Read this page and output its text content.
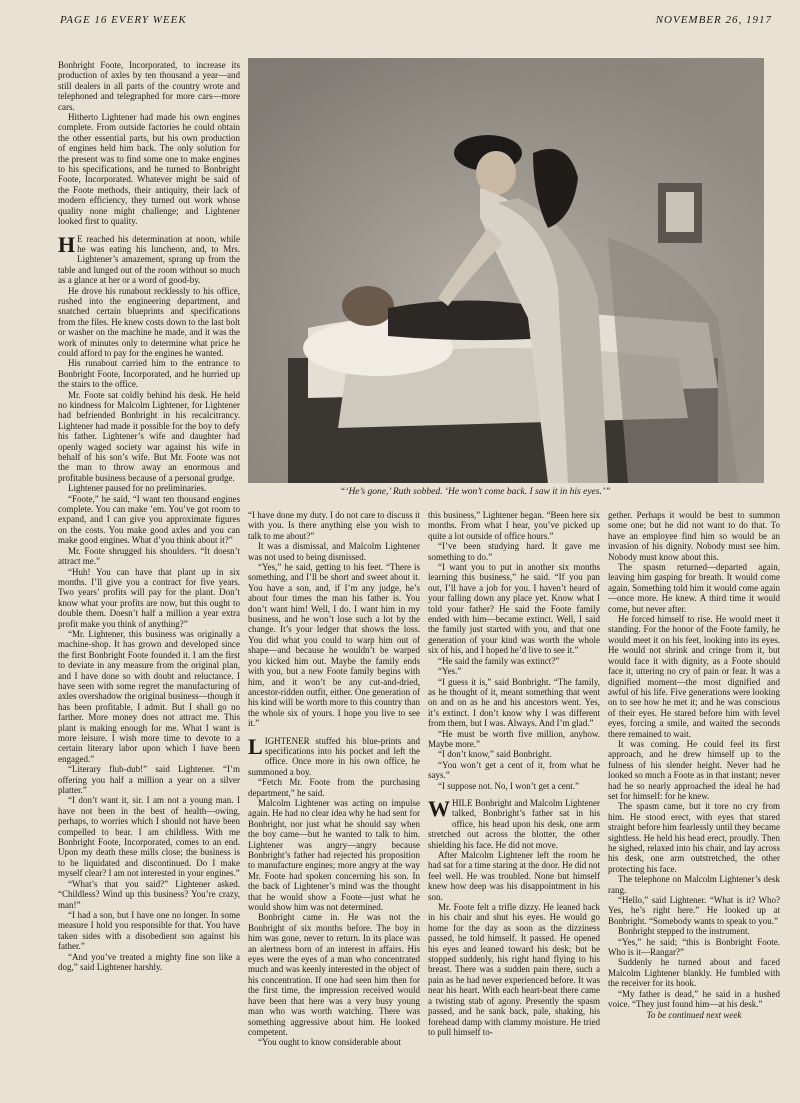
PAGE 16 EVERY WEEK	NOVEMBER 26, 1917

Bonbright Foote, Incorporated, to increase its production of axles by ten thousand a year—and still dealers in all parts of the country wrote and telephoned and telegraphed for more cars—more cars.

Hitherto Lightener had made his own engines complete. From outside factories he could obtain the other essential parts, but his own production of engines held him back. The only solution for the present was to find some one to make engines to his specifications, and he turned to Bonbright Foote, Incorporated. Whatever might be said of the Foote methods, their antiquity, their lack of modern efficiency, they turned out work whose quality none might challenge; and Lightener looked first to quality.

H E reached his determination at noon, while he was eating his luncheon, and, to Mrs. Lightener’s amazement, sprang up from the table and lunged out of the room without so much as a glance at her or a word of good-by.

He drove his runabout recklessly to his office, rushed into the engineering department, and snatched certain blueprints and specifications from the files. He knew costs down to the last bolt or washer on the machine he made, and it was the work of minutes only to determine what price he could afford to pay for the engines he wanted.

His runabout carried him to the entrance to Bonbright Foote, Incorporated, and he hurried up the stairs to the office.

Mr. Foote sat coldly behind his desk. He held no kindness for Malcolm Lightener, for Lightener had befriended Bonbright in his recalcitrancy. Lightener had made it possible for the boy to defy his father. Lightener’s wife and daughter had openly waged society war against his wife in behalf of his son’s wife. But Mr. Foote was not the man to throw away an enormous and profitable business because of a personal grudge.

Lightener paused for no preliminaries.

“Foote,” he said, “I want ten thousand engines complete. You can make ’em. You’ve got room to expand, and I can give you approximate figures on the costs. You make good axles and you can make good engines. What d’you think about it?”

Mr. Foote shrugged his shoulders. “It doesn’t attract me.”

“Huh! You can have that plant up in six months. I’ll give you a contract for five years. Two years’ profits will pay for the plant. Don’t know what your profits are now, but this ought to double them. Doesn’t half a million a year extra profit make you think of anything?”

“Mr. Lightener, this business was originally a machine-shop. It has grown and developed since the first Bonbright Foote founded it. I am the first to deviate in any measure from the original plan, and I have done so with doubt and reluctance. I have seen with some regret the manufacturing of axles overshadow the original business—though it has been profitable, I admit. But I shall go no farther. More money does not attract me. This plant is making enough for me. What I want is more leisure. I wish more time to devote to a certain literary labor upon which I have been engaged.”

“Literary flub-dub!” said Lightener. “I’m offering you half a million a year on a silver platter.”

“I don’t want it, sir. I am not a young man. I have not been in the best of health—owing, perhaps, to worries which I should not have been compelled to bear. I am childless. With me Bonbright Foote, Incorporated, comes to an end. Upon my death these mills close; the business is to be liquidated and discontinued. Do I make myself clear? I am not interested in your engines.”

“What’s that you said?” Lightener asked. “Childless? Wind up this business? You’re crazy, man!”

“I had a son, but I have one no longer. In some measure I hold you responsible for that. You have taken sides with a disobedient son against his father.”

“And you’ve treated a mighty fine son like a dog,” said Lightener harshly.

“‘He’s gone,’ Ruth sobbed. ‘He won’t come back. I saw it in his eyes.’”

“I have done my duty. I do not care to discuss it with you. Is there anything else you wish to talk to me about?”

It was a dismissal, and Malcolm Lightener was not used to being dismissed.

“Yes,” he said, getting to his feet. “There is something, and I’ll be short and sweet about it. You have a son, and, if I’m any judge, he’s about four times the man his father is. You don’t want him! Well, I do. I want him in my business, and he won’t lose such a lot by the change. It’s your ledger that shows the loss. You did what you could to warp him out of shape—and because he wouldn’t be warped you kicked him out. Maybe the family ends with you, but a new Foote family begins with him, and it won’t be any cut-and-dried, ancestor-ridden outfit, either. One generation of his kind will be worth more to this country than the whole six of yours. I hope you live to see it.”

LIGHTENER stuffed his blue-prints and specifications into his pocket and left the office. Once more in his own office, he summoned a boy.

“Fetch Mr. Foote from the purchasing department,” he said.

Malcolm Lightener was acting on impulse again. He had no clear idea why he had sent for Bonbright, nor just what he should say when the boy came—but he wanted to talk to him. Lightener was angry—angry because Bonbright’s father had rejected his proposition to manufacture engines; more angry at the way Mr. Foote had spoken concerning his son. In the back of Lightener’s mind was the thought that he would show a Foote—just what he would show him was not determined.

Bonbright came in. He was not the Bonbright of six months before. The boy in him was gone, never to return. In its place was an alertness born of an interest in affairs. His eyes were the eyes of a man who concentrated much and was keenly interested in the object of his concentration. If one had seen him then for the first time, the impression received would have been that here was a very busy young man who was worth watching. There was something aggressive about him. He looked competent.

“You ought to know considerable about

this business,” Lightener began. “Been here six months. From what I hear, you’ve picked up quite a lot outside of office hours.”

“I’ve been studying hard. It gave me something to do.”

“I want you to put in another six months learning this business,” he said. “If you pan out, I’ll have a job for you. I haven’t heard of your falling down any place yet. Know what I told your father? He said the Foote family ended with him—became extinct. Well, I said the family just started with you, and that one generation of your kind was worth the whole six of his, and I hoped he’d live to see it.”

“He said the family was extinct?”

“Yes.”

“I guess it is,” said Bonbright. “The family, as he thought of it, meant something that went on and on as he and his ancestors went. Yes, it’s extinct. I don’t know why I was different from them, but I was. Always. And I’m glad.”

“He must be worth five million, anyhow. Maybe more.”

“I don’t know,” said Bonbright.

“You won’t get a cent of it, from what he says.”

“I suppose not. No, I won’t get a cent.”

WHILE Bonbright and Malcolm Lightener talked, Bonbright’s father sat in his office, his head upon his desk, one arm stretched out across the blotter, the other shielding his face. He did not move.

After Malcolm Lightener left the room he had sat for a time staring at the door. He did not feel well. He was troubled. None but himself knew how deep was his disappointment in his son.

Mr. Foote felt a trifle dizzy. He leaned back in his chair and shut his eyes. He would go home for the day as soon as the dizziness passed, he told himself. It passed. He opened his eyes and leaned toward his desk; but he stopped suddenly, his right hand flying to his breast. There was a sudden pain there, such a pain as he had never experienced before. It was near his heart. With each heart-beat there came a twisting stab of agony. Presently the spasm passed, and he sank back, pale, shaking, his forehead damp with clammy moisture. He tried to pull himself to-

gether. Perhaps it would be best to summon some one; but he did not want to do that. To have an employee find him so would be an invasion of his dignity. Nobody must see him. Nobody must know about this.

The spasm returned—departed again, leaving him gasping for breath. It would come again. Something told him it would come again—once more. He knew. A third time it would come, but never after.

He forced himself to rise. He would meet it standing. For the honor of the Foote family, he would meet it on his feet, looking into its eyes. He would not shrink and cringe from it, but would face it with dignity, as a Foote should face it, uttering no cry of pain or fear. It was a dignified moment—the most dignified and awful of his life. Five generations were looking on to see how he met it; and he was conscious of their eyes. He stared before him with level eyes, forcing a smile, and waited the seconds there remained to wait.

It was coming. He could feel its first approach, and he drew himself up to the fulness of his slender height. Never had he looked so much a Foote as in that instant; never had he so nearly approached the ideal he had set for himself: for he knew.

The spasm came, but it tore no cry from him. He stood erect, with eyes that stared straight before him fearlessly until they became sightless. He held his head erect, proudly. Then he sighed, relaxed into his chair, and lay across his desk, one arm outstretched, the other protecting his face.

The telephone on Malcolm Lightener’s desk rang.

“Hello,” said Lightener. “What is it? Who? Yes, he’s right here.” He looked up at Bonbright. “Somebody wants to speak to you.”

Bonbright stepped to the instrument.

“Yes,” he said; “this is Bonbright Foote. Who is it—Rangar?”

Suddenly he turned about and faced Malcolm Lightener blankly. He fumbled with the receiver for its hook.

“My father is dead,” he said in a hushed voice. “They just found him—at his desk.”

To be continued next week
